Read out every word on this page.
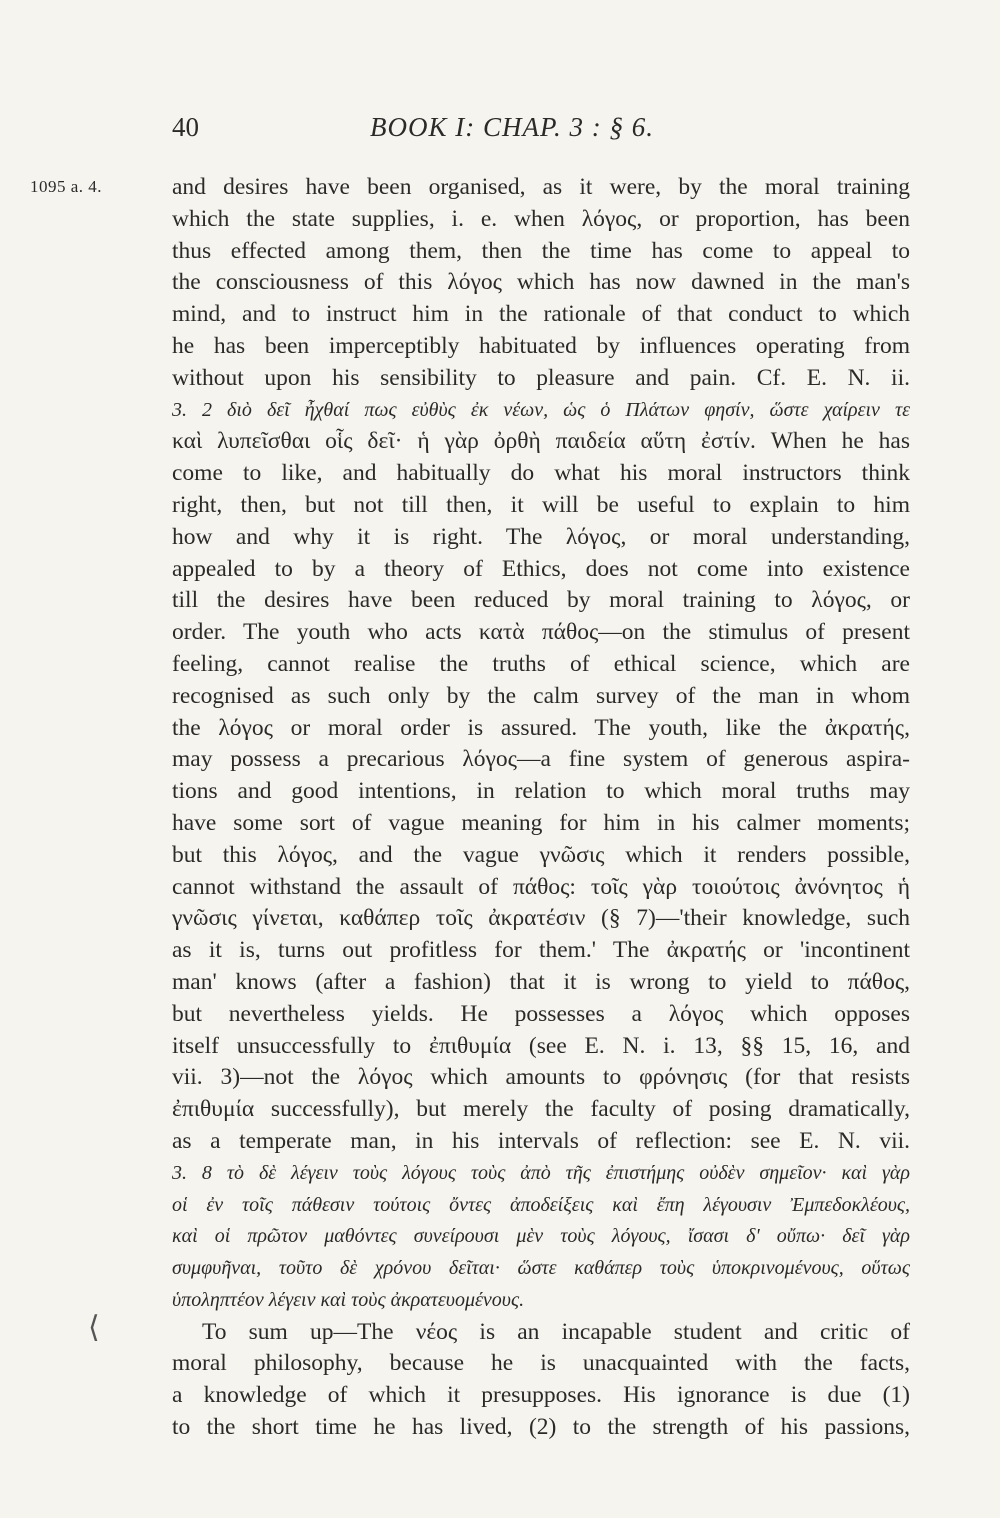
40	BOOK I: CHAP. 3 : § 6.
1095 a. 4.
⟨
and desires have been organised, as it were, by the moral training
which the state supplies, i. e. when λόγος, or proportion, has been
thus effected among them, then the time has come to appeal to
the consciousness of this λόγος which has now dawned in the man's
mind, and to instruct him in the rationale of that conduct to which
he has been imperceptibly habituated by influences operating from
without upon his sensibility to pleasure and pain. Cf. E. N. ii.
3. 2 διὸ δεῖ ἦχθαί πως εὐθὺς ἐκ νέων, ὡς ὁ Πλάτων φησίν, ὥστε χαίρειν τε
καὶ λυπεῖσθαι οἷς δεῖ· ἡ γὰρ ὀρθὴ παιδεία αὕτη ἐστίν. When he has
come to like, and habitually do what his moral instructors think
right, then, but not till then, it will be useful to explain to him
how and why it is right. The λόγος, or moral understanding,
appealed to by a theory of Ethics, does not come into existence
till the desires have been reduced by moral training to λόγος, or
order. The youth who acts κατὰ πάθος—on the stimulus of present
feeling, cannot realise the truths of ethical science, which are
recognised as such only by the calm survey of the man in whom
the λόγος or moral order is assured. The youth, like the ἀκρατής,
may possess a precarious λόγος—a fine system of generous aspira-
tions and good intentions, in relation to which moral truths may
have some sort of vague meaning for him in his calmer moments;
but this λόγος, and the vague γνῶσις which it renders possible,
cannot withstand the assault of πάθος: τοῖς γὰρ τοιούτοις ἀνόνητος ἡ
γνῶσις γίνεται, καθάπερ τοῖς ἀκρατέσιν (§ 7)—'their knowledge, such
as it is, turns out profitless for them.' The ἀκρατής or 'incontinent
man' knows (after a fashion) that it is wrong to yield to πάθος,
but nevertheless yields. He possesses a λόγος which opposes
itself unsuccessfully to ἐπιθυμία (see E. N. i. 13, §§ 15, 16, and
vii. 3)—not the λόγος which amounts to φρόνησις (for that resists
ἐπιθυμία successfully), but merely the faculty of posing dramatically,
as a temperate man, in his intervals of reflection: see E. N. vii.
3. 8 τὸ δὲ λέγειν τοὺς λόγους τοὺς ἀπὸ τῆς ἐπιστήμης οὐδὲν σημεῖον· καὶ γὰρ
οἱ ἐν τοῖς πάθεσιν τούτοις ὄντες ἀποδείξεις καὶ ἔπη λέγουσιν Ἐμπεδοκλέους,
καὶ οἱ πρῶτον μαθόντες συνείρουσι μὲν τοὺς λόγους, ἴσασι δ' οὔπω· δεῖ γὰρ
συμφυῆναι, τοῦτο δὲ χρόνου δεῖται· ὥστε καθάπερ τοὺς ὑποκρινομένους, οὕτως
ὑποληπτέον λέγειν καὶ τοὺς ἀκρατευομένους.
To sum up—The νέος is an incapable student and critic of
moral philosophy, because he is unacquainted with the facts,
a knowledge of which it presupposes. His ignorance is due (1)
to the short time he has lived, (2) to the strength of his passions,
